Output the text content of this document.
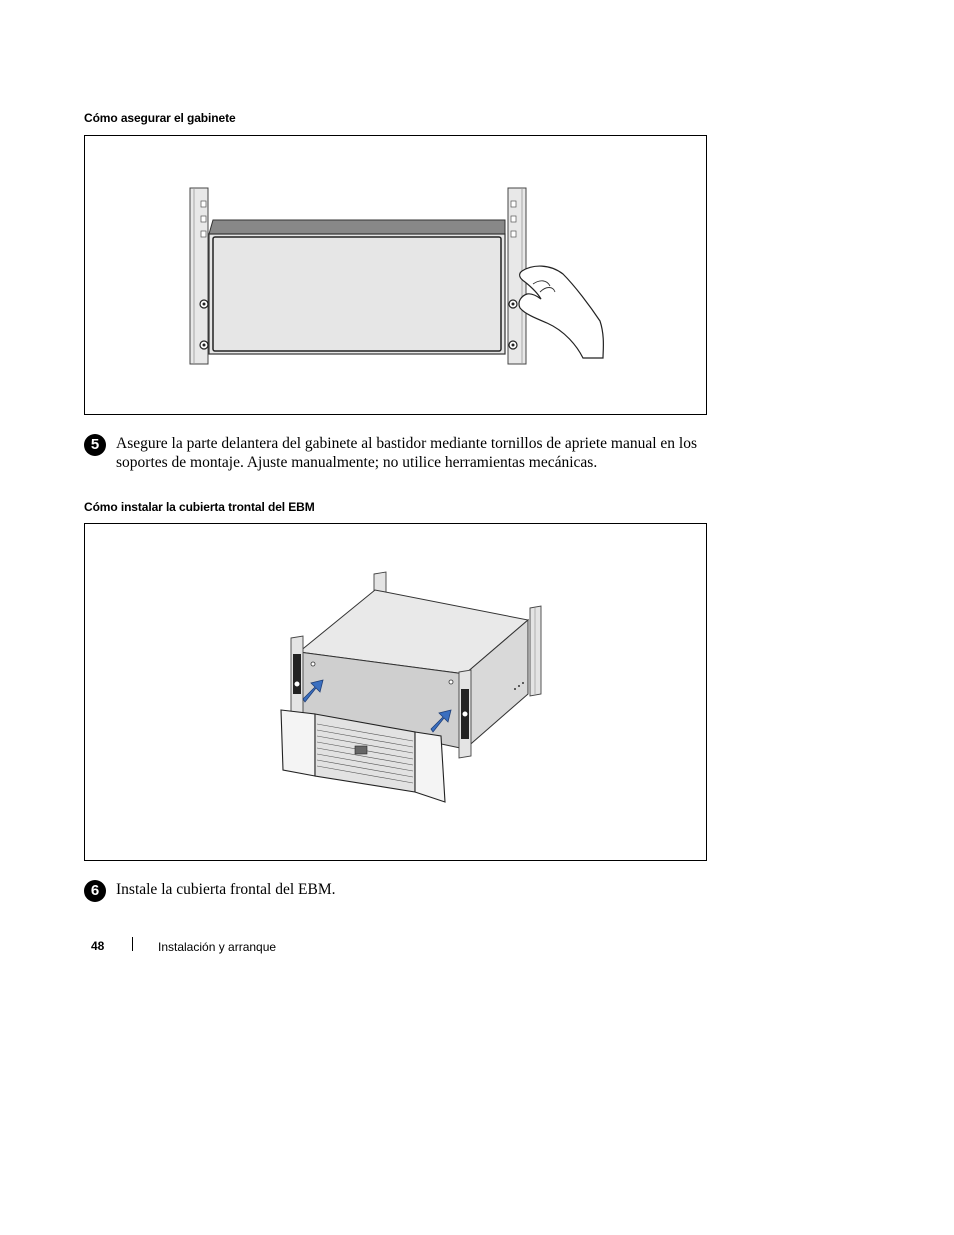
Cómo asegurar el gabinete
5	Asegure la parte delantera del gabinete al bastidor mediante tornillos de apriete manual en los soportes de montaje. Ajuste manualmente; no utilice herramientas mecánicas.
Cómo instalar la cubierta trontal del EBM
6	Instale la cubierta frontal del EBM.
48	Instalación y arranque
